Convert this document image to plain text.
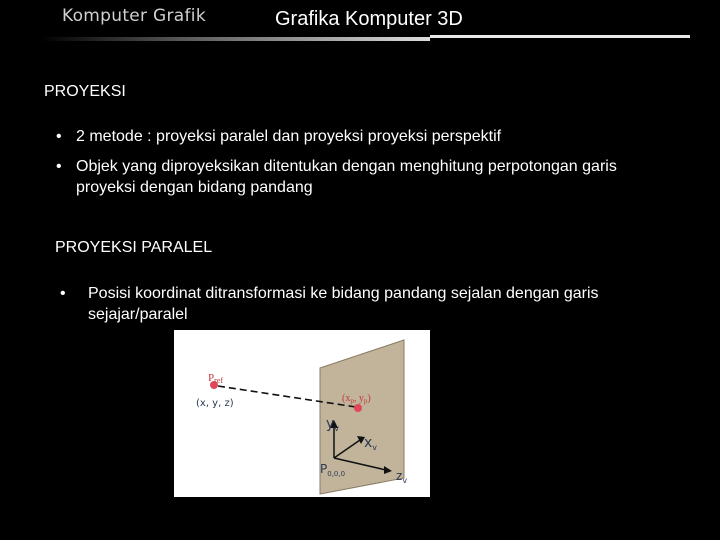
Komputer Grafik	Grafika Komputer 3D
PROYEKSI
• 2 metode : proyeksi paralel dan proyeksi proyeksi perspektif
• Objek yang diproyeksikan ditentukan dengan menghitung perpotongan garis proyeksi dengan bidang pandang
PROYEKSI PARALEL
• Posisi koordinat ditransformasi ke bidang pandang sejalan dengan garis sejajar/paralel
Pref
(x, y, z)	($x_p$, $y_p$)
$y_v$
$x_v$
$z_v$
$P_{0,0,0}$
